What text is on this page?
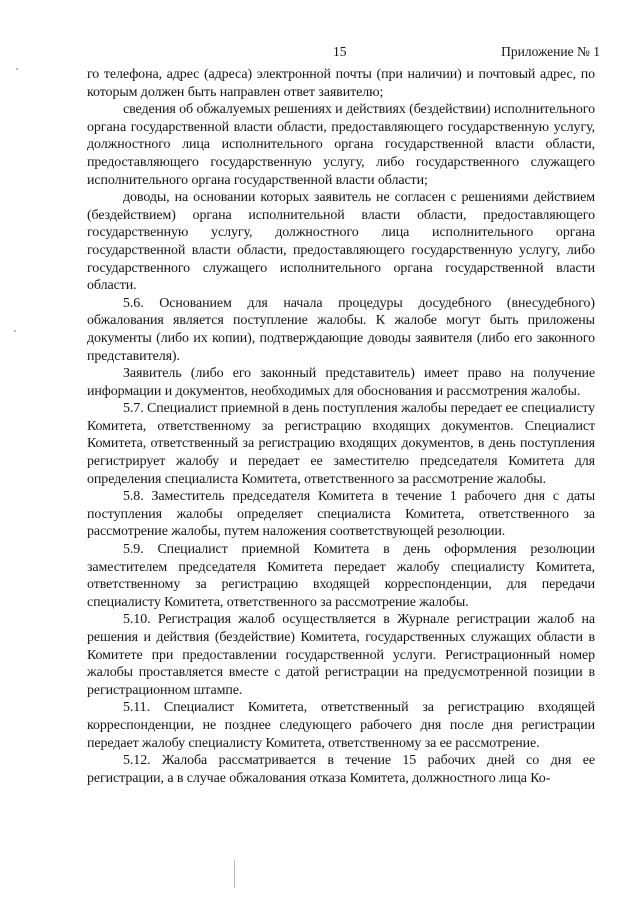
15	Приложение № 1

го телефона, адрес (адреса) электронной почты (при наличии) и почтовый адрес, по которым должен быть направлен ответ заявителю;

сведения об обжалуемых решениях и действиях (бездействии) исполнительного органа государственной власти области, предоставляющего государственную услугу, должностного лица исполнительного органа государственной власти области, предоставляющего государственную услугу, либо государственного служащего исполнительного органа государственной власти области;

доводы, на основании которых заявитель не согласен с решениями действием (бездействием) органа исполнительной власти области, предоставляющего государственную услугу, должностного лица исполнительного органа государственной власти области, предоставляющего государственную услугу, либо государственного служащего исполнительного органа государственной власти области.

5.6. Основанием для начала процедуры досудебного (внесудебного) обжалования является поступление жалобы. К жалобе могут быть приложены документы (либо их копии), подтверждающие доводы заявителя (либо его законного представителя).

Заявитель (либо его законный представитель) имеет право на получение информации и документов, необходимых для обоснования и рассмотрения жалобы.

5.7. Специалист приемной в день поступления жалобы передает ее специалисту Комитета, ответственному за регистрацию входящих документов. Специалист Комитета, ответственный за регистрацию входящих документов, в день поступления регистрирует жалобу и передает ее заместителю председателя Комитета для определения специалиста Комитета, ответственного за рассмотрение жалобы.

5.8. Заместитель председателя Комитета в течение 1 рабочего дня с даты поступления жалобы определяет специалиста Комитета, ответственного за рассмотрение жалобы, путем наложения соответствующей резолюции.

5.9. Специалист приемной Комитета в день оформления резолюции заместителем председателя Комитета передает жалобу специалисту Комитета, ответственному за регистрацию входящей корреспонденции, для передачи специалисту Комитета, ответственного за рассмотрение жалобы.

5.10. Регистрация жалоб осуществляется в Журнале регистрации жалоб на решения и действия (бездействие) Комитета, государственных служащих области в Комитете при предоставлении государственной услуги. Регистрационный номер жалобы проставляется вместе с датой регистрации на предусмотренной позиции в регистрационном штампе.

5.11. Специалист Комитета, ответственный за регистрацию входящей корреспонденции, не позднее следующего рабочего дня после дня регистрации передает жалобу специалисту Комитета, ответственному за ее рассмотрение.

5.12. Жалоба рассматривается в течение 15 рабочих дней со дня ее регистрации, а в случае обжалования отказа Комитета, должностного лица Ко-
